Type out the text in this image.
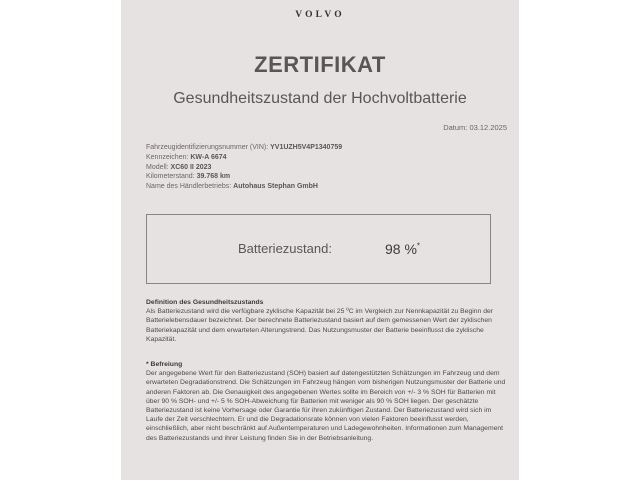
VOLVO
ZERTIFIKAT
Gesundheitszustand der Hochvoltbatterie
Datum: 03.12.2025
Fahrzeugidentifizierungsnummer (VIN): YV1UZH5V4P1340759
Kennzeichen: KW-A 6674
Modell: XC60 II 2023
Kilometerstand: 39.768 km
Name des Händlerbetriebs: Autohaus Stephan GmbH
Batteriezustand:	98 %*
Definition des Gesundheitszustands
Als Batteriezustand wird die verfügbare zyklische Kapazität bei 25 ºC im Vergleich zur Nennkapazität zu Beginn der Batterielebensdauer bezeichnet. Der berechnete Batteriezustand basiert auf dem gemessenen Wert der zyklischen Batteriekapazität und dem erwarteten Alterungstrend. Das Nutzungsmuster der Batterie beeinflusst die zyklische Kapazität.
* Befreiung
Der angegebene Wert für den Batteriezustand (SOH) basiert auf datengestützten Schätzungen im Fahrzeug und dem erwarteten Degradationstrend. Die Schätzungen im Fahrzeug hängen vom bisherigen Nutzungsmuster der Batterie und anderen Faktoren ab. Die Genauigkeit des angegebenen Wertes sollte im Bereich von +/- 3 % SOH für Batterien mit über 90 % SOH- und +/- 5 % SOH-Abweichung für Batterien mit weniger als 90 % SOH liegen. Der geschätzte Batteriezustand ist keine Vorhersage oder Garantie für ihren zukünftigen Zustand. Der Batteriezustand wird sich im Laufe der Zeit verschlechtern. Er und die Degradationsrate können von vielen Faktoren beeinflusst werden, einschließlich, aber nicht beschränkt auf Außentemperaturen und Ladegewohnheiten. Informationen zum Management des Batteriezustands und ihrer Leistung finden Sie in der Betriebsanleitung.
